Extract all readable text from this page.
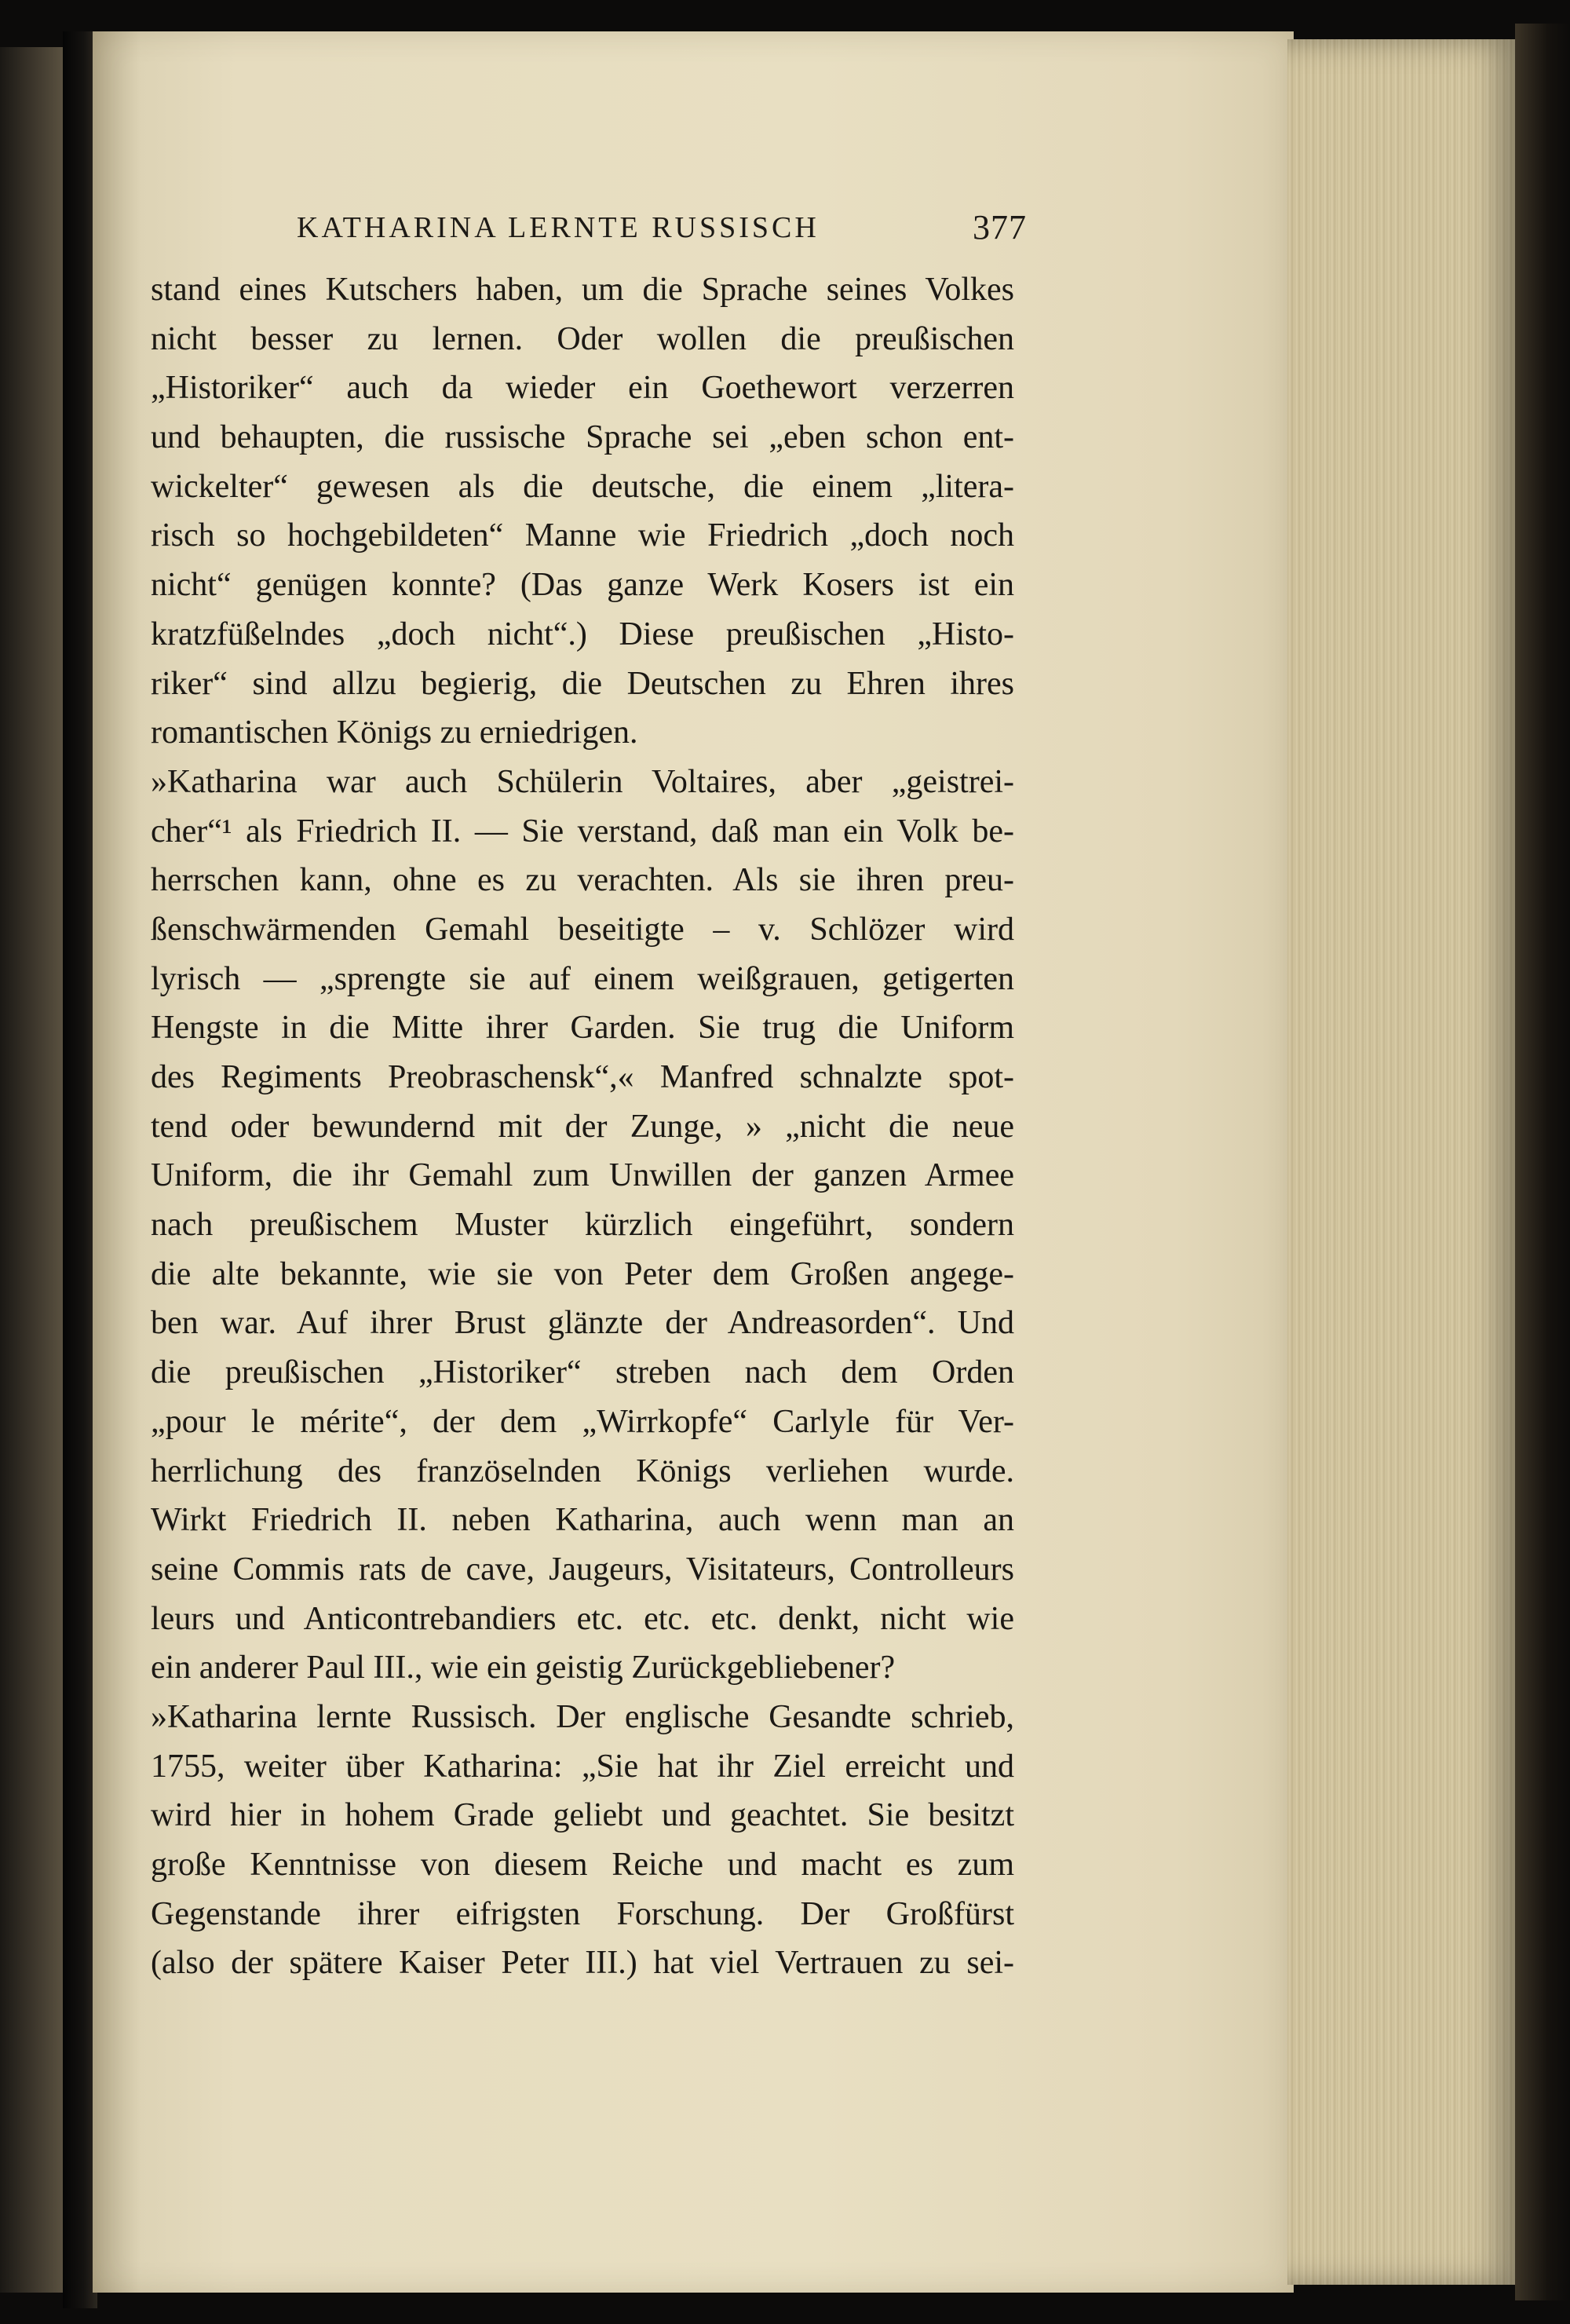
KATHARINA LERNTE RUSSISCH	377
stand eines Kutschers haben, um die Sprache seines Volkes
nicht besser zu lernen. Oder wollen die preußischen
„Historiker“ auch da wieder ein Goethewort verzerren
und behaupten, die russische Sprache sei „eben schon ent-
wickelter“ gewesen als die deutsche, die einem „litera-
risch so hochgebildeten“ Manne wie Friedrich „doch noch
nicht“ genügen konnte? (Das ganze Werk Kosers ist ein
kratzfüßelndes „doch nicht“.) Diese preußischen „Histo-
riker“ sind allzu begierig, die Deutschen zu Ehren ihres
romantischen Königs zu erniedrigen.
»Katharina war auch Schülerin Voltaires, aber „geistrei-
cher“¹ als Friedrich II. — Sie verstand, daß man ein Volk be-
herrschen kann, ohne es zu verachten. Als sie ihren preu-
ßenschwärmenden Gemahl beseitigte – v. Schlözer wird
lyrisch — „sprengte sie auf einem weißgrauen, getigerten
Hengste in die Mitte ihrer Garden. Sie trug die Uniform
des Regiments Preobraschensk“,« Manfred schnalzte spot-
tend oder bewundernd mit der Zunge, » „nicht die neue
Uniform, die ihr Gemahl zum Unwillen der ganzen Armee
nach preußischem Muster kürzlich eingeführt, sondern
die alte bekannte, wie sie von Peter dem Großen angege-
ben war. Auf ihrer Brust glänzte der Andreasorden“. Und
die preußischen „Historiker“ streben nach dem Orden
„pour le mérite“, der dem „Wirrkopfe“ Carlyle für Ver-
herrlichung des französelnden Königs verliehen wurde.
Wirkt Friedrich II. neben Katharina, auch wenn man an
seine Commis rats de cave, Jaugeurs, Visitateurs, Controlleurs
leurs und Anticontrebandiers etc. etc. etc. denkt, nicht wie
ein anderer Paul III., wie ein geistig Zurückgebliebener?
»Katharina lernte Russisch. Der englische Gesandte schrieb,
1755, weiter über Katharina: „Sie hat ihr Ziel erreicht und
wird hier in hohem Grade geliebt und geachtet. Sie besitzt
große Kenntnisse von diesem Reiche und macht es zum
Gegenstande ihrer eifrigsten Forschung. Der Großfürst
(also der spätere Kaiser Peter III.) hat viel Vertrauen zu sei-
